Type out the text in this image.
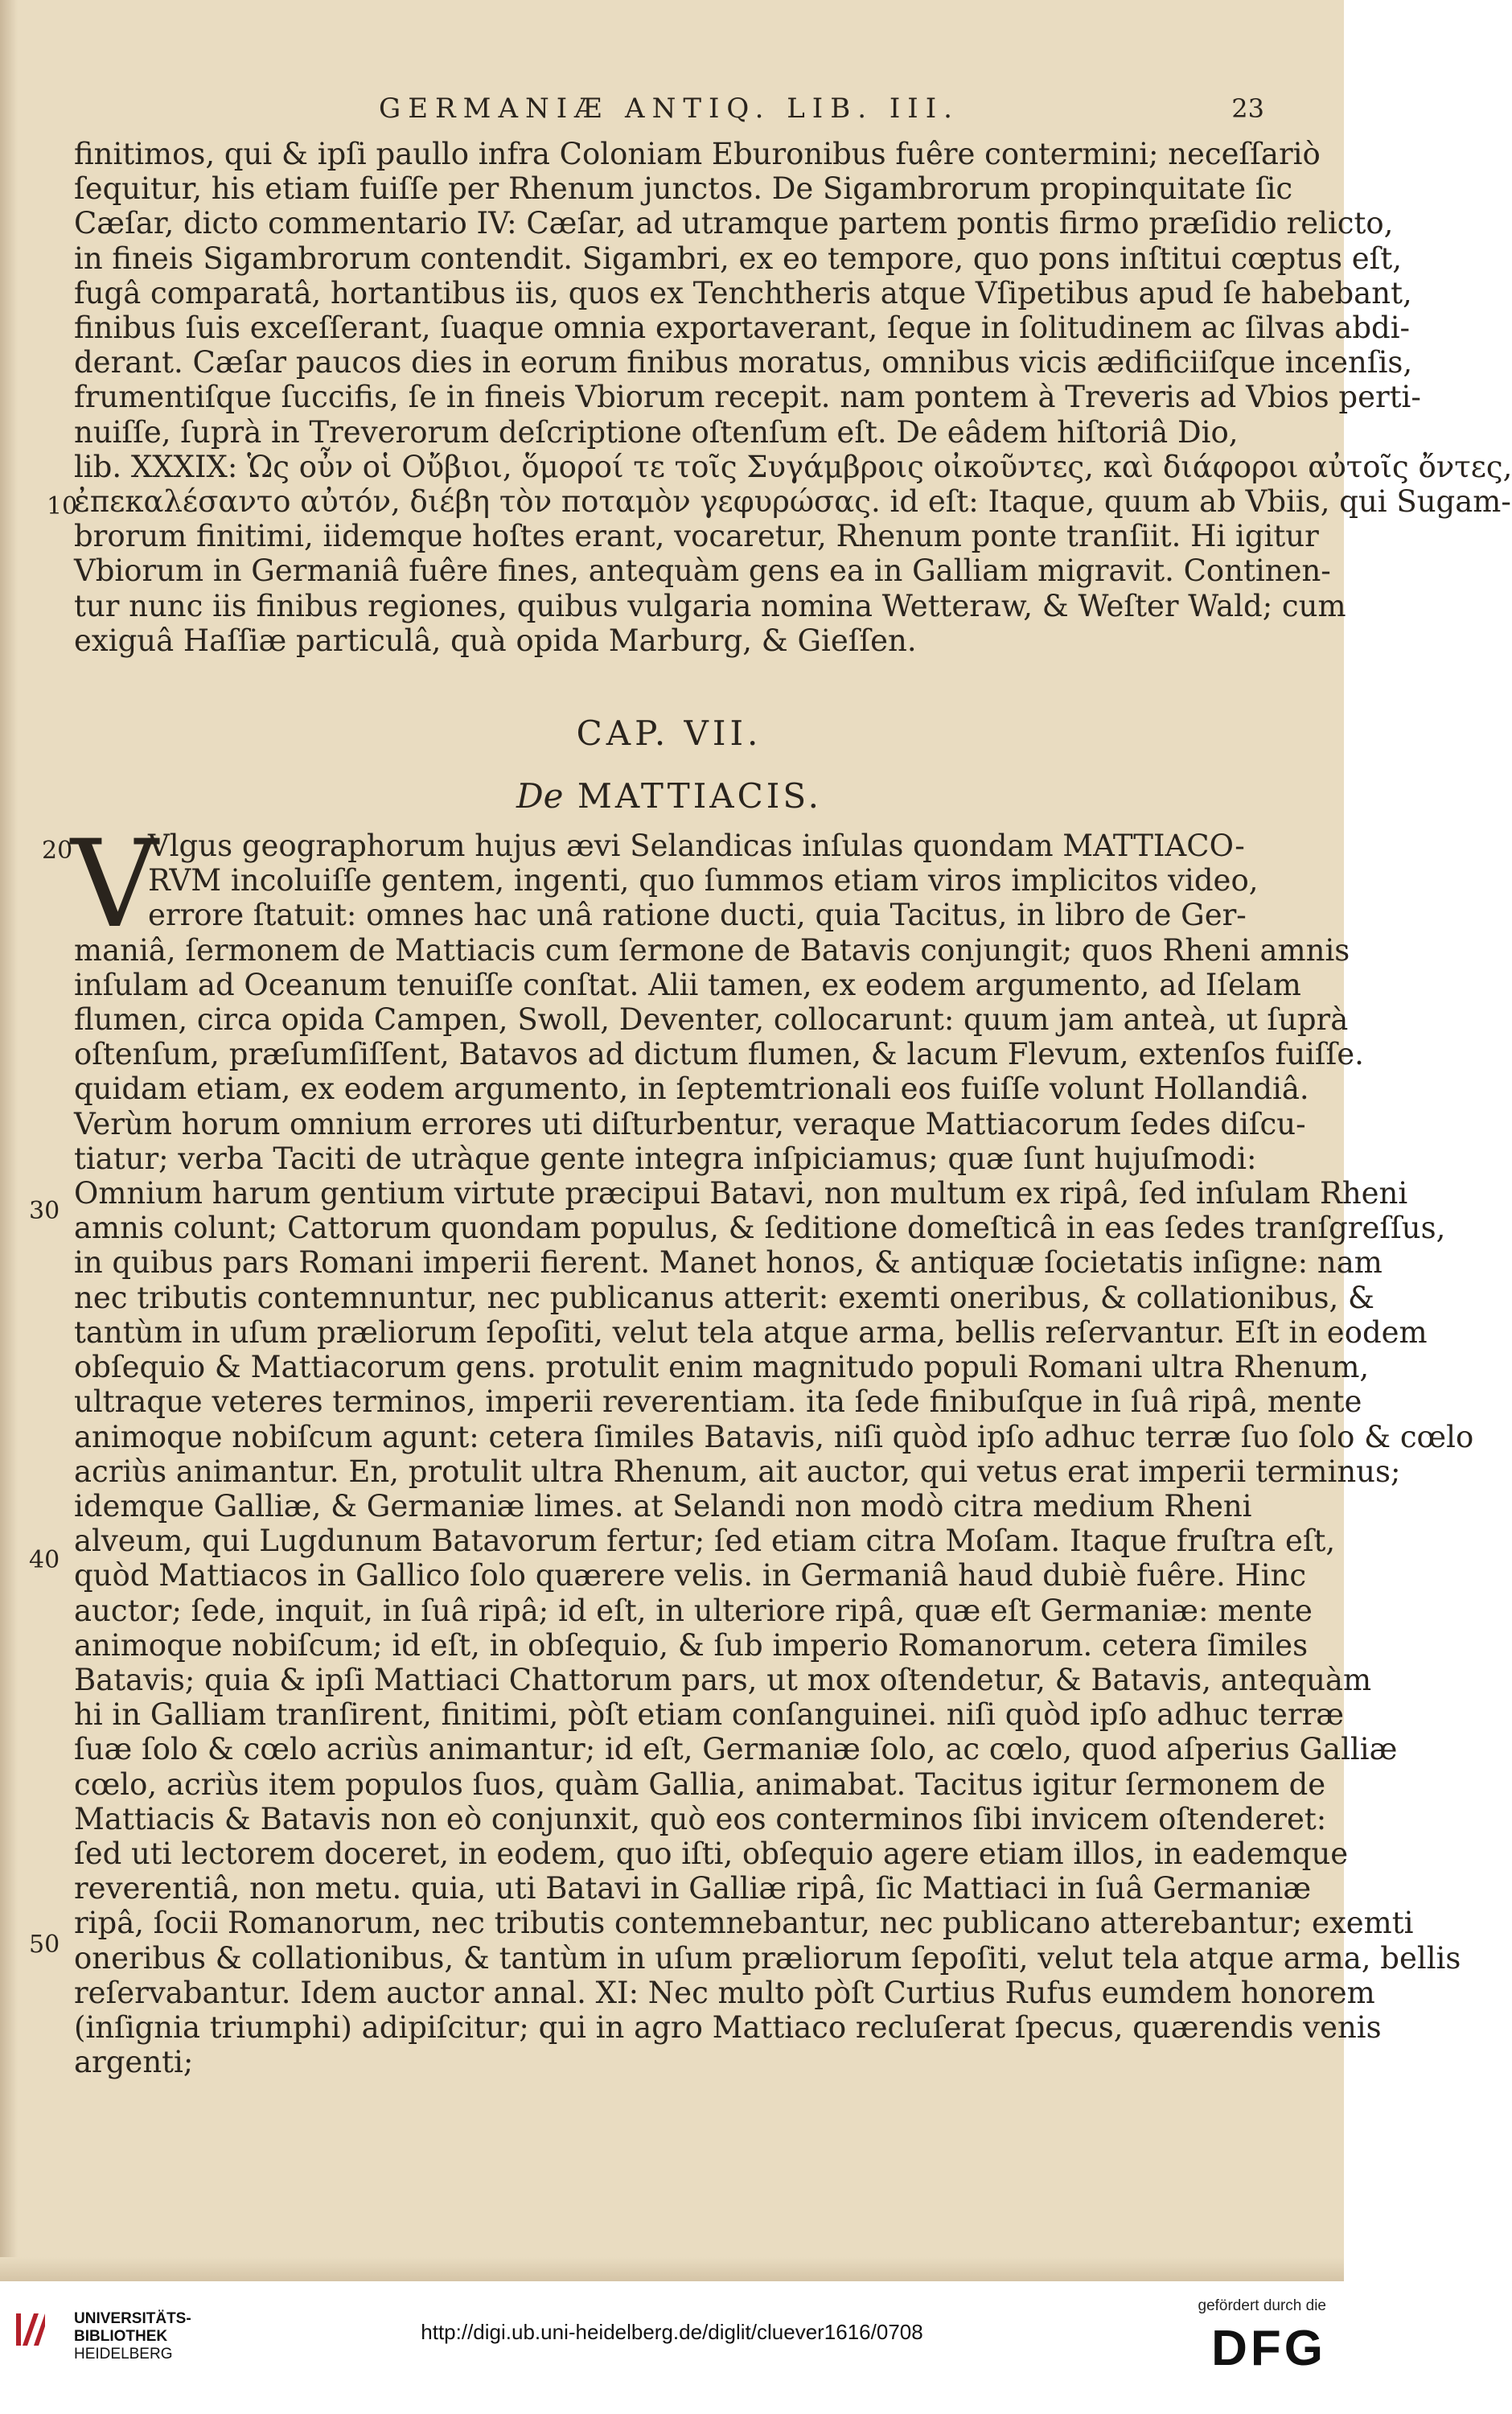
GERMANIÆ ANTIQ. LIB. III.	23
finitimos, qui & ipſi paullo infra Coloniam Eburonibus fuêre contermini; neceſſariò
ſequitur, his etiam fuiſſe per Rhenum junctos. De Sigambrorum propinquitate ſic
Cæſar, dicto commentario IV: Cæſar, ad utramque partem pontis firmo præſidio relicto,
in fineis Sigambrorum contendit. Sigambri, ex eo tempore, quo pons inſtitui cœptus eſt,
fugâ comparatâ, hortantibus iis, quos ex Tenchtheris atque Vſipetibus apud ſe habebant,
finibus ſuis exceſſerant, ſuaque omnia exportaverant, ſeque in ſolitudinem ac ſilvas abdi-
derant. Cæſar paucos dies in eorum finibus moratus, omnibus vicis ædificiiſque incenſis,
frumentiſque ſuccifis, ſe in fineis Vbiorum recepit. nam pontem à Treveris ad Vbios perti-
nuiſſe, ſuprà in Treverorum deſcriptione oſtenſum eſt. De eâdem hiſtoriâ Dio,
lib. XXXIX: Ὡς οὖν οἱ Οὔβιοι, ὅμοροί τε τοῖς Συγάμβροις οἰκοῦντες, καὶ διάφοροι αὐτοῖς ὄντες,
ἐπεκαλέσαντο αὐτόν, διέβη τὸν ποταμὸν γεφυρώσας. id eſt: Itaque, quum ab Vbiis, qui Sugam-
brorum finitimi, iidemque hoſtes erant, vocaretur, Rhenum ponte tranſiit. Hi igitur
Vbiorum in Germaniâ fuêre fines, antequàm gens ea in Galliam migravit. Continen-
tur nunc iis finibus regiones, quibus vulgaria nomina Wetteraw, & Weſter Wald; cum
exiguâ Haſſiæ particulâ, quà opida Marburg, & Gieſſen.
CAP. VII.
De MATTIACIS.
V
Vlgus geographorum hujus ævi Selandicas inſulas quondam MATTIACO-
RVM incoluiſſe gentem, ingenti, quo ſummos etiam viros implicitos video,
errore ſtatuit: omnes hac unâ ratione ducti, quia Tacitus, in libro de Ger-
maniâ, ſermonem de Mattiacis cum ſermone de Batavis conjungit; quos Rheni amnis
inſulam ad Oceanum tenuiſſe conſtat. Alii tamen, ex eodem argumento, ad Iſelam
flumen, circa opida Campen, Swoll, Deventer, collocarunt: quum jam anteà, ut ſuprà
oſtenſum, præſumſiſſent, Batavos ad dictum flumen, & lacum Flevum, extenſos fuiſſe.
quidam etiam, ex eodem argumento, in ſeptemtrionali eos fuiſſe volunt Hollandiâ.
Verùm horum omnium errores uti diſturbentur, veraque Mattiacorum ſedes diſcu-
tiatur; verba Taciti de utràque gente integra inſpiciamus; quæ ſunt hujuſmodi:
Omnium harum gentium virtute præcipui Batavi, non multum ex ripâ, ſed inſulam Rheni
amnis colunt; Cattorum quondam populus, & ſeditione domeſticâ in eas ſedes tranſgreſſus,
in quibus pars Romani imperii fierent. Manet honos, & antiquæ ſocietatis inſigne: nam
nec tributis contemnuntur, nec publicanus atterit: exemti oneribus, & collationibus, &
tantùm in uſum præliorum ſepoſiti, velut tela atque arma, bellis reſervantur. Eſt in eodem
obſequio & Mattiacorum gens. protulit enim magnitudo populi Romani ultra Rhenum,
ultraque veteres terminos, imperii reverentiam. ita ſede finibuſque in ſuâ ripâ, mente
animoque nobiſcum agunt: cetera ſimiles Batavis, niſi quòd ipſo adhuc terræ ſuo ſolo & cœlo
acriùs animantur. En, protulit ultra Rhenum, ait auctor, qui vetus erat imperii terminus;
idemque Galliæ, & Germaniæ limes. at Selandi non modò citra medium Rheni
alveum, qui Lugdunum Batavorum fertur; ſed etiam citra Moſam. Itaque fruſtra eſt,
quòd Mattiacos in Gallico ſolo quærere velis. in Germaniâ haud dubiè fuêre. Hinc
auctor; ſede, inquit, in ſuâ ripâ; id eſt, in ulteriore ripâ, quæ eſt Germaniæ: mente
animoque nobiſcum; id eſt, in obſequio, & ſub imperio Romanorum. cetera ſimiles
Batavis; quia & ipſi Mattiaci Chattorum pars, ut mox oſtendetur, & Batavis, antequàm
hi in Galliam tranſirent, finitimi, pòſt etiam conſanguinei. niſi quòd ipſo adhuc terræ
ſuæ ſolo & cœlo acriùs animantur; id eſt, Germaniæ ſolo, ac cœlo, quod aſperius Galliæ
cœlo, acriùs item populos ſuos, quàm Gallia, animabat. Tacitus igitur ſermonem de
Mattiacis & Batavis non eò conjunxit, quò eos conterminos ſibi invicem oſtenderet:
ſed uti lectorem doceret, in eodem, quo iſti, obſequio agere etiam illos, in eademque
reverentiâ, non metu. quia, uti Batavi in Galliæ ripâ, ſic Mattiaci in ſuâ Germaniæ
ripâ, ſocii Romanorum, nec tributis contemnebantur, nec publicano atterebantur; exemti
oneribus & collationibus, & tantùm in uſum præliorum ſepoſiti, velut tela atque arma, bellis
reſervabantur. Idem auctor annal. XI: Nec multo pòſt Curtius Rufus eumdem honorem
(inſignia triumphi) adipiſcitur; qui in agro Mattiaco recluſerat ſpecus, quærendis venis
argenti;
10
20
30
40
50
UNIVERSITÄTS-
BIBLIOTHEK
HEIDELBERG
http://digi.ub.uni-heidelberg.de/diglit/cluever1616/0708
gefördert durch die
DFG
